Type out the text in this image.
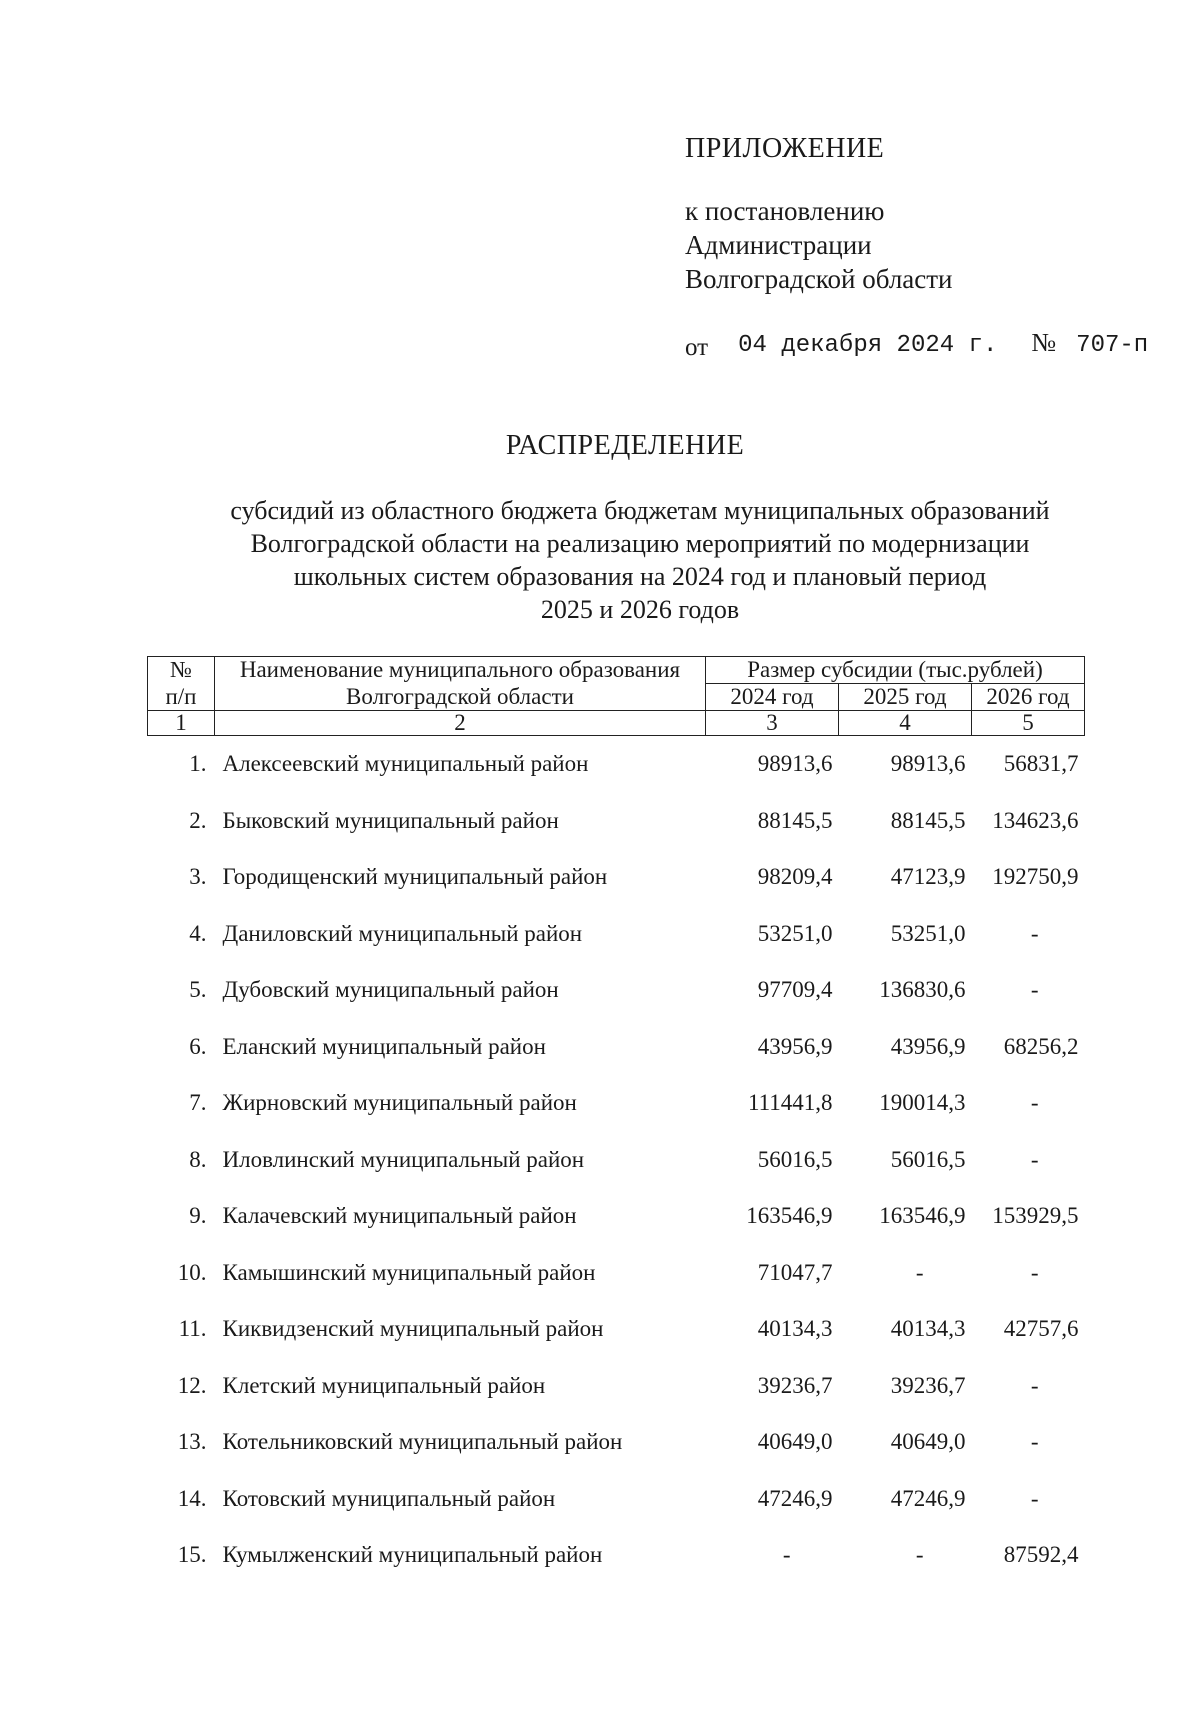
ПРИЛОЖЕНИЕ
к постановлению
Администрации
Волгоградской области
от 04 декабря 2024 г. № 707-п
РАСПРЕДЕЛЕНИЕ
субсидий из областного бюджета бюджетам муниципальных образований
Волгоградской области на реализацию мероприятий по модернизации
школьных систем образования на 2024 год и плановый период
2025 и 2026 годов
№	Наименование муниципального образования	Размер субсидии (тыс.рублей)		
п/п	Волгоградской области	2024 год	2025 год	2026 год
1	2	3	4	5
1.	Алексеевский муниципальный район	98913,6	98913,6	56831,7
2.	Быковский муниципальный район	88145,5	88145,5	134623,6
3.	Городищенский муниципальный район	98209,4	47123,9	192750,9
4.	Даниловский муниципальный район	53251,0	53251,0	-
5.	Дубовский муниципальный район	97709,4	136830,6	-
6.	Еланский муниципальный район	43956,9	43956,9	68256,2
7.	Жирновский муниципальный район	111441,8	190014,3	-
8.	Иловлинский муниципальный район	56016,5	56016,5	-
9.	Калачевский муниципальный район	163546,9	163546,9	153929,5
10.	Камышинский муниципальный район	71047,7	-	-
11.	Киквидзенский муниципальный район	40134,3	40134,3	42757,6
12.	Клетский муниципальный район	39236,7	39236,7	-
13.	Котельниковский муниципальный район	40649,0	40649,0	-
14.	Котовский муниципальный район	47246,9	47246,9	-
15.	Кумылженский муниципальный район	-	-	87592,4
